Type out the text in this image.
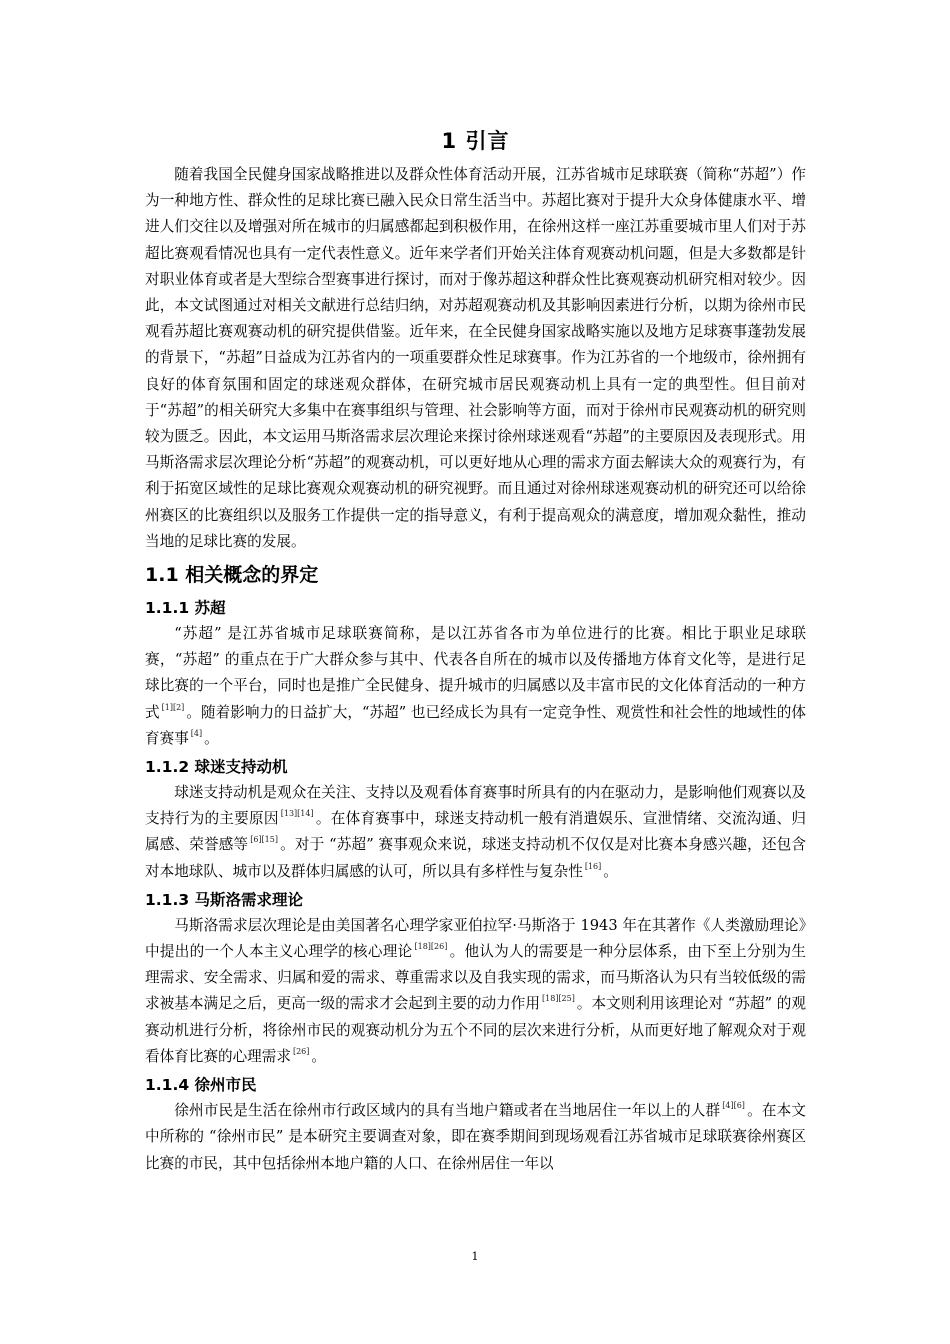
1 引言

随着我国全民健身国家战略推进以及群众性体育活动开展，江苏省城市足球联赛（简称“苏超”）作为一种地方性、群众性的足球比赛已融入民众日常生活当中。苏超比赛对于提升大众身体健康水平、增进人们交往以及增强对所在城市的归属感都起到积极作用，在徐州这样一座江苏重要城市里人们对于苏超比赛观看情况也具有一定代表性意义。近年来学者们开始关注体育观赛动机问题，但是大多数都是针对职业体育或者是大型综合型赛事进行探讨，而对于像苏超这种群众性比赛观赛动机研究相对较少。因此，本文试图通过对相关文献进行总结归纳，对苏超观赛动机及其影响因素进行分析，以期为徐州市民观看苏超比赛观赛动机的研究提供借鉴。近年来，在全民健身国家战略实施以及地方足球赛事蓬勃发展的背景下，“苏超”日益成为江苏省内的一项重要群众性足球赛事。作为江苏省的一个地级市，徐州拥有良好的体育氛围和固定的球迷观众群体，在研究城市居民观赛动机上具有一定的典型性。但目前对于“苏超”的相关研究大多集中在赛事组织与管理、社会影响等方面，而对于徐州市民观赛动机的研究则较为匮乏。因此，本文运用马斯洛需求层次理论来探讨徐州球迷观看“苏超”的主要原因及表现形式。用马斯洛需求层次理论分析“苏超”的观赛动机，可以更好地从心理的需求方面去解读大众的观赛行为，有利于拓宽区域性的足球比赛观众观赛动机的研究视野。而且通过对徐州球迷观赛动机的研究还可以给徐州赛区的比赛组织以及服务工作提供一定的指导意义，有利于提高观众的满意度，增加观众黏性，推动当地的足球比赛的发展。

1.1 相关概念的界定
1.1.1 苏超

“苏超” 是江苏省城市足球联赛简称，是以江苏省各市为单位进行的比赛。相比于职业足球联赛，“苏超” 的重点在于广大群众参与其中、代表各自所在的城市以及传播地方体育文化等，是进行足球比赛的一个平台，同时也是推广全民健身、提升城市的归属感以及丰富市民的文化体育活动的一种方式 [1][2] 。随着影响力的日益扩大，“苏超” 也已经成长为具有一定竞争性、观赏性和社会性的地域性的体育赛事 [4] 。

1.1.2 球迷支持动机

球迷支持动机是观众在关注、支持以及观看体育赛事时所具有的内在驱动力，是影响他们观赛以及支持行为的主要原因 [13][14] 。在体育赛事中，球迷支持动机一般有消遣娱乐、宣泄情绪、交流沟通、归属感、荣誉感等 [6][15] 。对于 “苏超” 赛事观众来说，球迷支持动机不仅仅是对比赛本身感兴趣，还包含对本地球队、城市以及群体归属感的认可，所以具有多样性与复杂性 [16] 。

1.1.3 马斯洛需求理论

马斯洛需求层次理论是由美国著名心理学家亚伯拉罕·马斯洛于 1943 年在其著作《人类激励理论》中提出的一个人本主义心理学的核心理论 [18][26] 。他认为人的需要是一种分层体系，由下至上分别为生理需求、安全需求、归属和爱的需求、尊重需求以及自我实现的需求，而马斯洛认为只有当较低级的需求被基本满足之后，更高一级的需求才会起到主要的动力作用 [18][25] 。本文则利用该理论对 “苏超” 的观赛动机进行分析，将徐州市民的观赛动机分为五个不同的层次来进行分析，从而更好地了解观众对于观看体育比赛的心理需求 [26] 。

1.1.4 徐州市民

徐州市民是生活在徐州市行政区域内的具有当地户籍或者在当地居住一年以上的人群 [4][6] 。在本文中所称的 “徐州市民” 是本研究主要调查对象，即在赛季期间到现场观看江苏省城市足球联赛徐州赛区比赛的市民，其中包括徐州本地户籍的人口、在徐州居住一年以

1
